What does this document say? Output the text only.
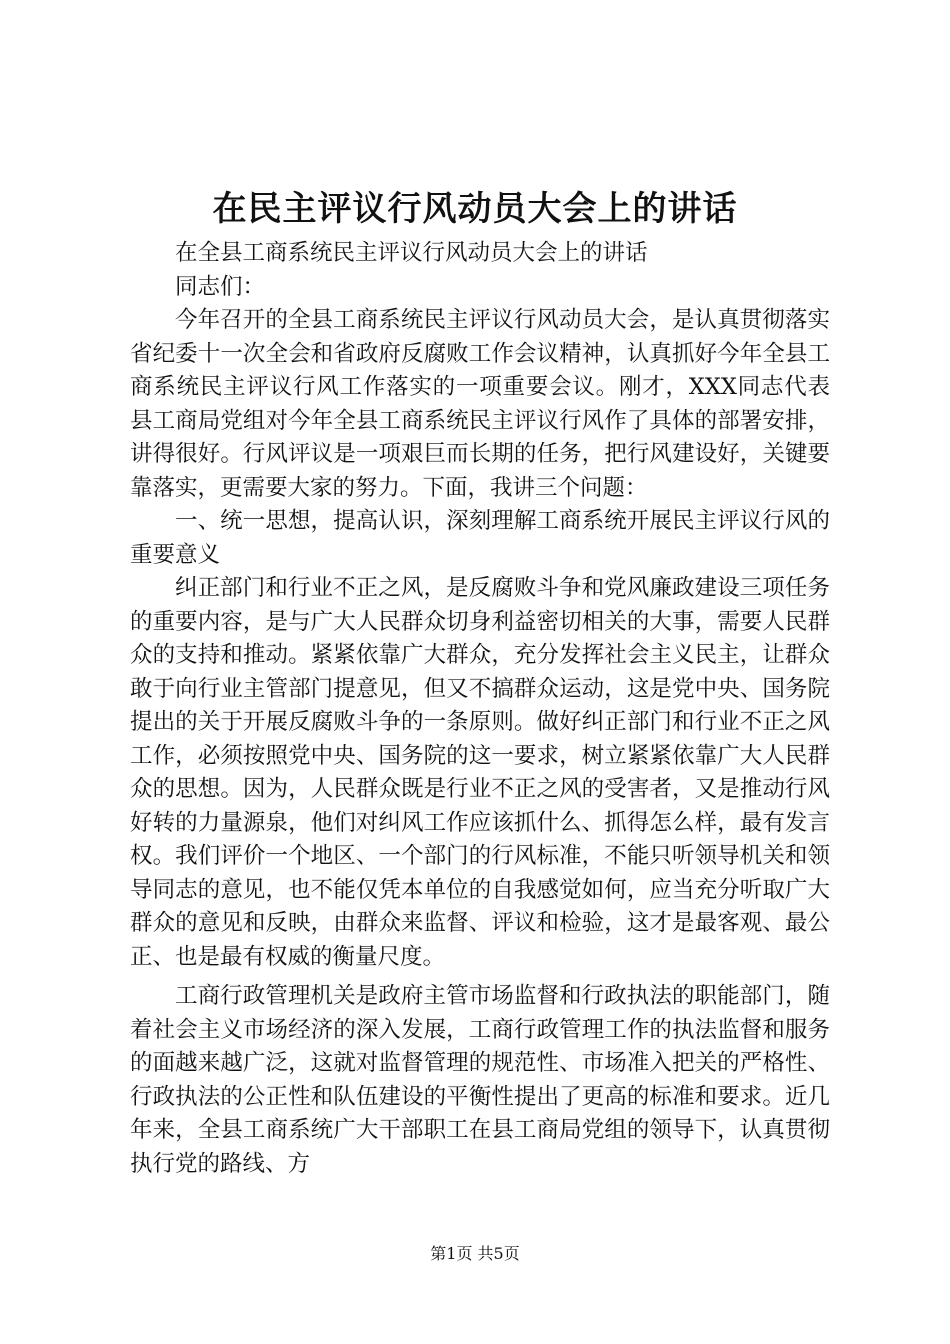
在民主评议行风动员大会上的讲话

在全县工商系统民主评议行风动员大会上的讲话

同志们：

今年召开的全县工商系统民主评议行风动员大会，是认真贯彻落实省纪委十一次全会和省政府反腐败工作会议精神，认真抓好今年全县工商系统民主评议行风工作落实的一项重要会议。刚才，XXX同志代表县工商局党组对今年全县工商系统民主评议行风作了具体的部署安排，讲得很好。行风评议是一项艰巨而长期的任务，把行风建设好，关键要靠落实，更需要大家的努力。下面，我讲三个问题：

一、统一思想，提高认识，深刻理解工商系统开展民主评议行风的重要意义

纠正部门和行业不正之风，是反腐败斗争和党风廉政建设三项任务的重要内容，是与广大人民群众切身利益密切相关的大事，需要人民群众的支持和推动。紧紧依靠广大群众，充分发挥社会主义民主，让群众敢于向行业主管部门提意见，但又不搞群众运动，这是党中央、国务院提出的关于开展反腐败斗争的一条原则。做好纠正部门和行业不正之风工作，必须按照党中央、国务院的这一要求，树立紧紧依靠广大人民群众的思想。因为，人民群众既是行业不正之风的受害者，又是推动行风好转的力量源泉，他们对纠风工作应该抓什么、抓得怎么样，最有发言权。我们评价一个地区、一个部门的行风标准，不能只听领导机关和领导同志的意见，也不能仅凭本单位的自我感觉如何，应当充分听取广大群众的意见和反映，由群众来监督、评议和检验，这才是最客观、最公正、也是最有权威的衡量尺度。

工商行政管理机关是政府主管市场监督和行政执法的职能部门，随着社会主义市场经济的深入发展，工商行政管理工作的执法监督和服务的面越来越广泛，这就对监督管理的规范性、市场准入把关的严格性、行政执法的公正性和队伍建设的平衡性提出了更高的标准和要求。近几年来，全县工商系统广大干部职工在县工商局党组的领导下，认真贯彻执行党的路线、方

第1页 共5页
